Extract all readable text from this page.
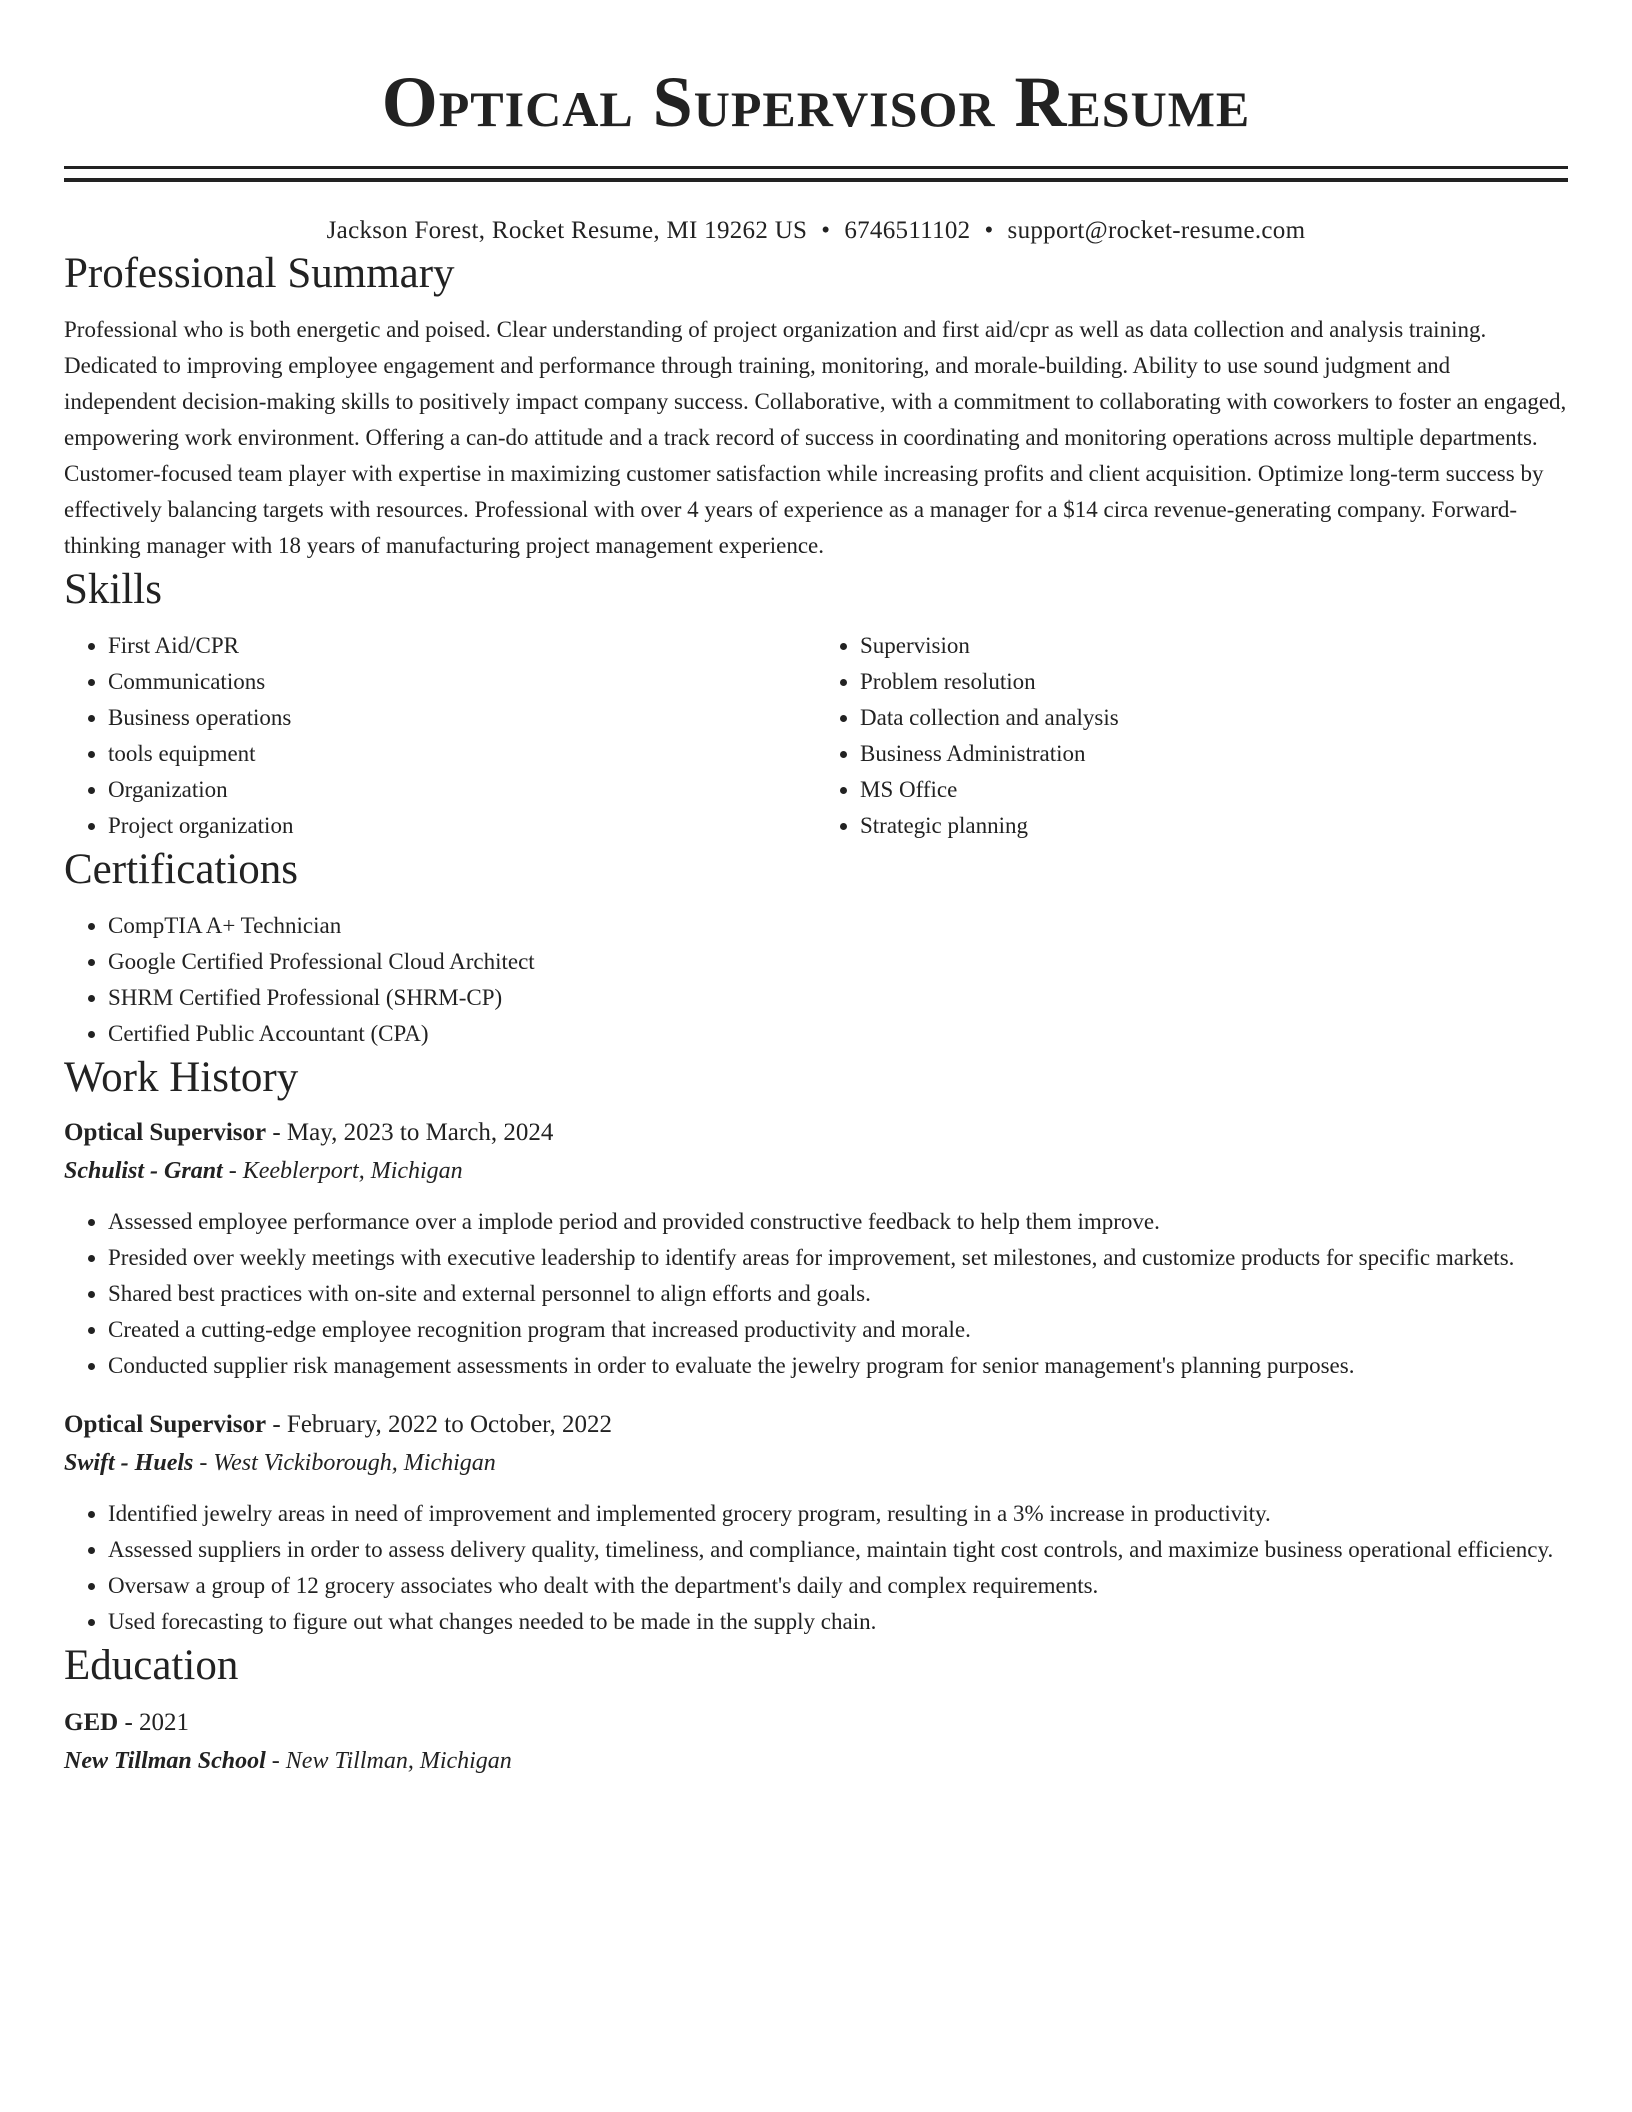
Optical Supervisor Resume
Jackson Forest, Rocket Resume, MI 19262 US • 6746511102 • support@rocket-resume.com
Professional Summary
Professional who is both energetic and poised. Clear understanding of project organization and first aid/cpr as well as data collection and analysis training. Dedicated to improving employee engagement and performance through training, monitoring, and morale-building. Ability to use sound judgment and independent decision-making skills to positively impact company success. Collaborative, with a commitment to collaborating with coworkers to foster an engaged, empowering work environment. Offering a can-do attitude and a track record of success in coordinating and monitoring operations across multiple departments. Customer-focused team player with expertise in maximizing customer satisfaction while increasing profits and client acquisition. Optimize long-term success by effectively balancing targets with resources. Professional with over 4 years of experience as a manager for a $14 circa revenue-generating company. Forward-thinking manager with 18 years of manufacturing project management experience.
Skills
• First Aid/CPR
• Communications
• Business operations
• tools equipment
• Organization
• Project organization
• Supervision
• Problem resolution
• Data collection and analysis
• Business Administration
• MS Office
• Strategic planning
Certifications
• CompTIA A+ Technician
• Google Certified Professional Cloud Architect
• SHRM Certified Professional (SHRM-CP)
• Certified Public Accountant (CPA)
Work History
Optical Supervisor - May, 2023 to March, 2024
Schulist - Grant - Keeblerport, Michigan
• Assessed employee performance over a implode period and provided constructive feedback to help them improve.
• Presided over weekly meetings with executive leadership to identify areas for improvement, set milestones, and customize products for specific markets.
• Shared best practices with on-site and external personnel to align efforts and goals.
• Created a cutting-edge employee recognition program that increased productivity and morale.
• Conducted supplier risk management assessments in order to evaluate the jewelry program for senior management's planning purposes.
Optical Supervisor - February, 2022 to October, 2022
Swift - Huels - West Vickiborough, Michigan
• Identified jewelry areas in need of improvement and implemented grocery program, resulting in a 3% increase in productivity.
• Assessed suppliers in order to assess delivery quality, timeliness, and compliance, maintain tight cost controls, and maximize business operational efficiency.
• Oversaw a group of 12 grocery associates who dealt with the department's daily and complex requirements.
• Used forecasting to figure out what changes needed to be made in the supply chain.
Education
GED - 2021
New Tillman School - New Tillman, Michigan
